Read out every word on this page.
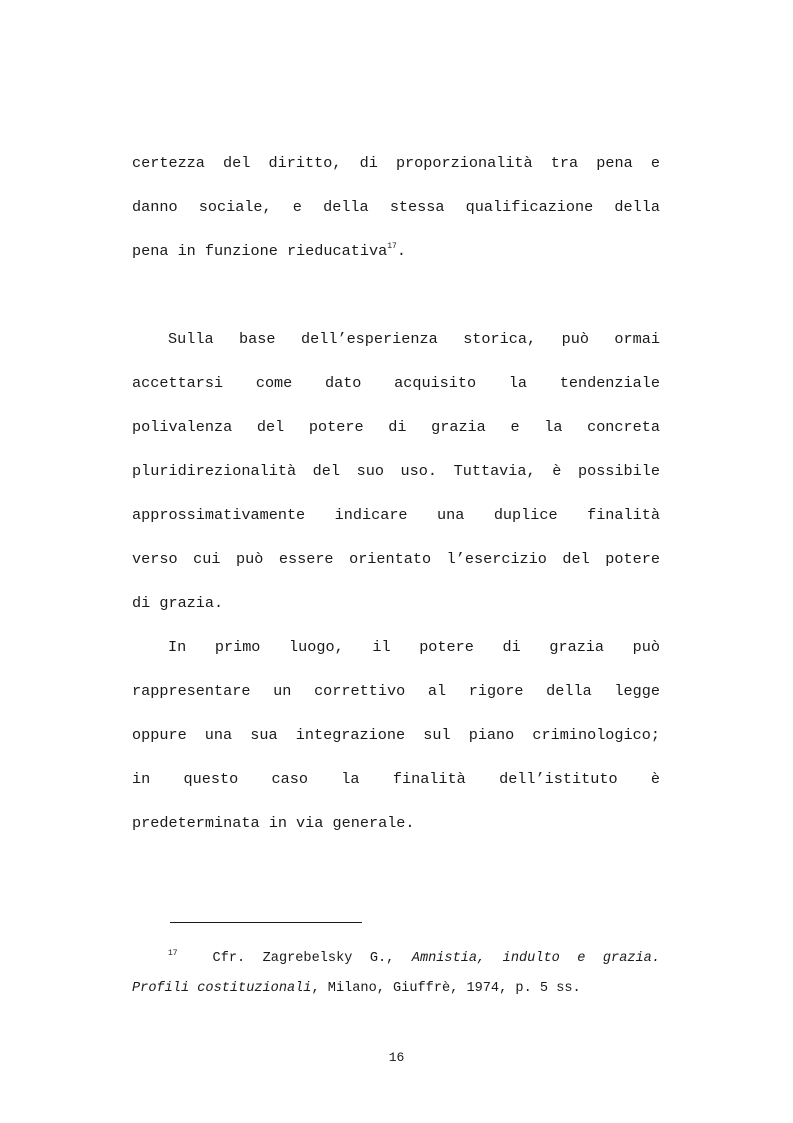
certezza del diritto, di proporzionalità tra pena e
danno sociale, e della stessa qualificazione della
pena in funzione rieducativa$^{17}$.
Sulla base dell’esperienza storica, può ormai
accettarsi come dato acquisito la tendenziale
polivalenza del potere di grazia e la concreta
pluridirezionalità del suo uso. Tuttavia, è possibile
approssimativamente indicare una duplice finalità
verso cui può essere orientato l’esercizio del potere
di grazia.
In primo luogo, il potere di grazia può
rappresentare un correttivo al rigore della legge
oppure una sua integrazione sul piano criminologico;
in questo caso la finalità dell’istituto è
predeterminata in via generale.
$^{17}$	Cfr. Zagrebelsky G., Amnistia, indulto e grazia.
Profili costituzionali, Milano, Giuffrè, 1974, p. 5 ss.
16
